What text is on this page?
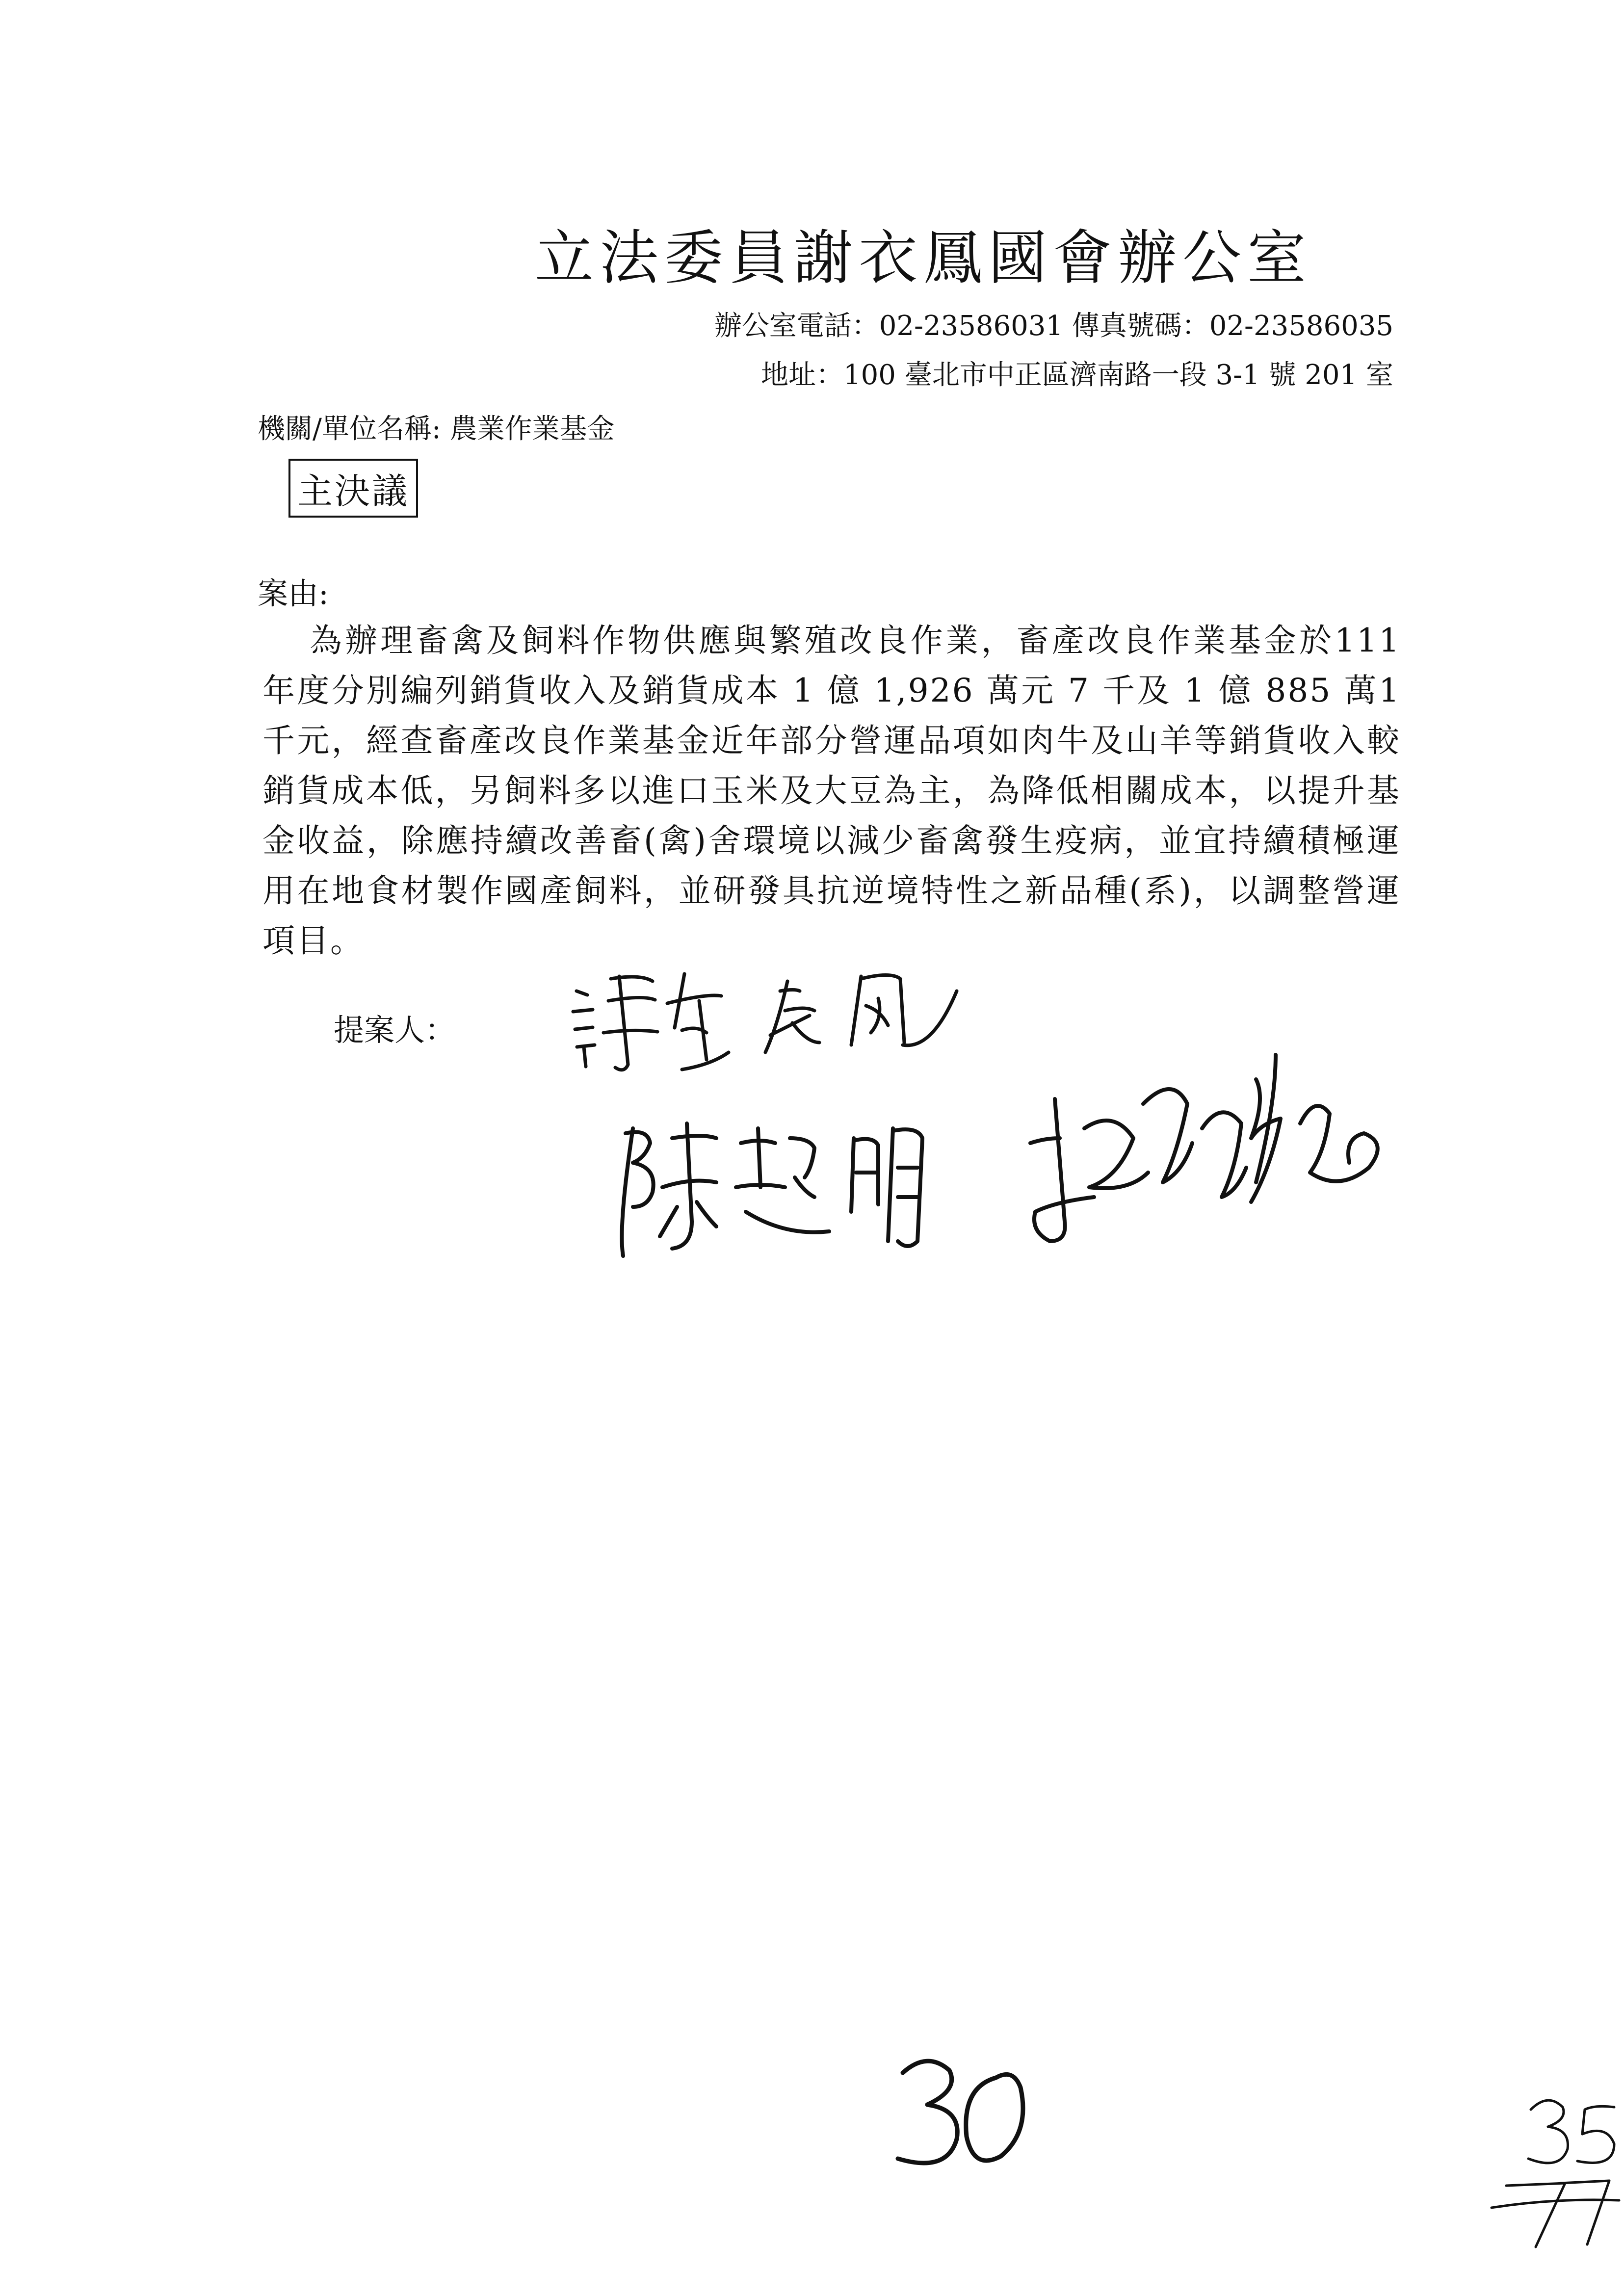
立法委員謝衣鳳國會辦公室
辦公室電話：02-23586031 傳真號碼：02-23586035
地址：100 臺北市中正區濟南路一段 3-1 號 201 室
機關/單位名稱: 農業作業基金
主決議
案由:
為辦理畜禽及飼料作物供應與繁殖改良作業，畜產改良作業基金於111 年度分別編列銷貨收入及銷貨成本 1 億 1,926 萬元 7 千及 1 億 885 萬1 千元，經查畜產改良作業基金近年部分營運品項如肉牛及山羊等銷貨收入較銷貨成本低，另飼料多以進口玉米及大豆為主，為降低相關成本，以提升基金收益，除應持續改善畜(禽)舍環境以減少畜禽發生疫病，並宜持續積極運用在地食材製作國產飼料，並研發具抗逆境特性之新品種(系)，以調整營運項目。
提案人：
